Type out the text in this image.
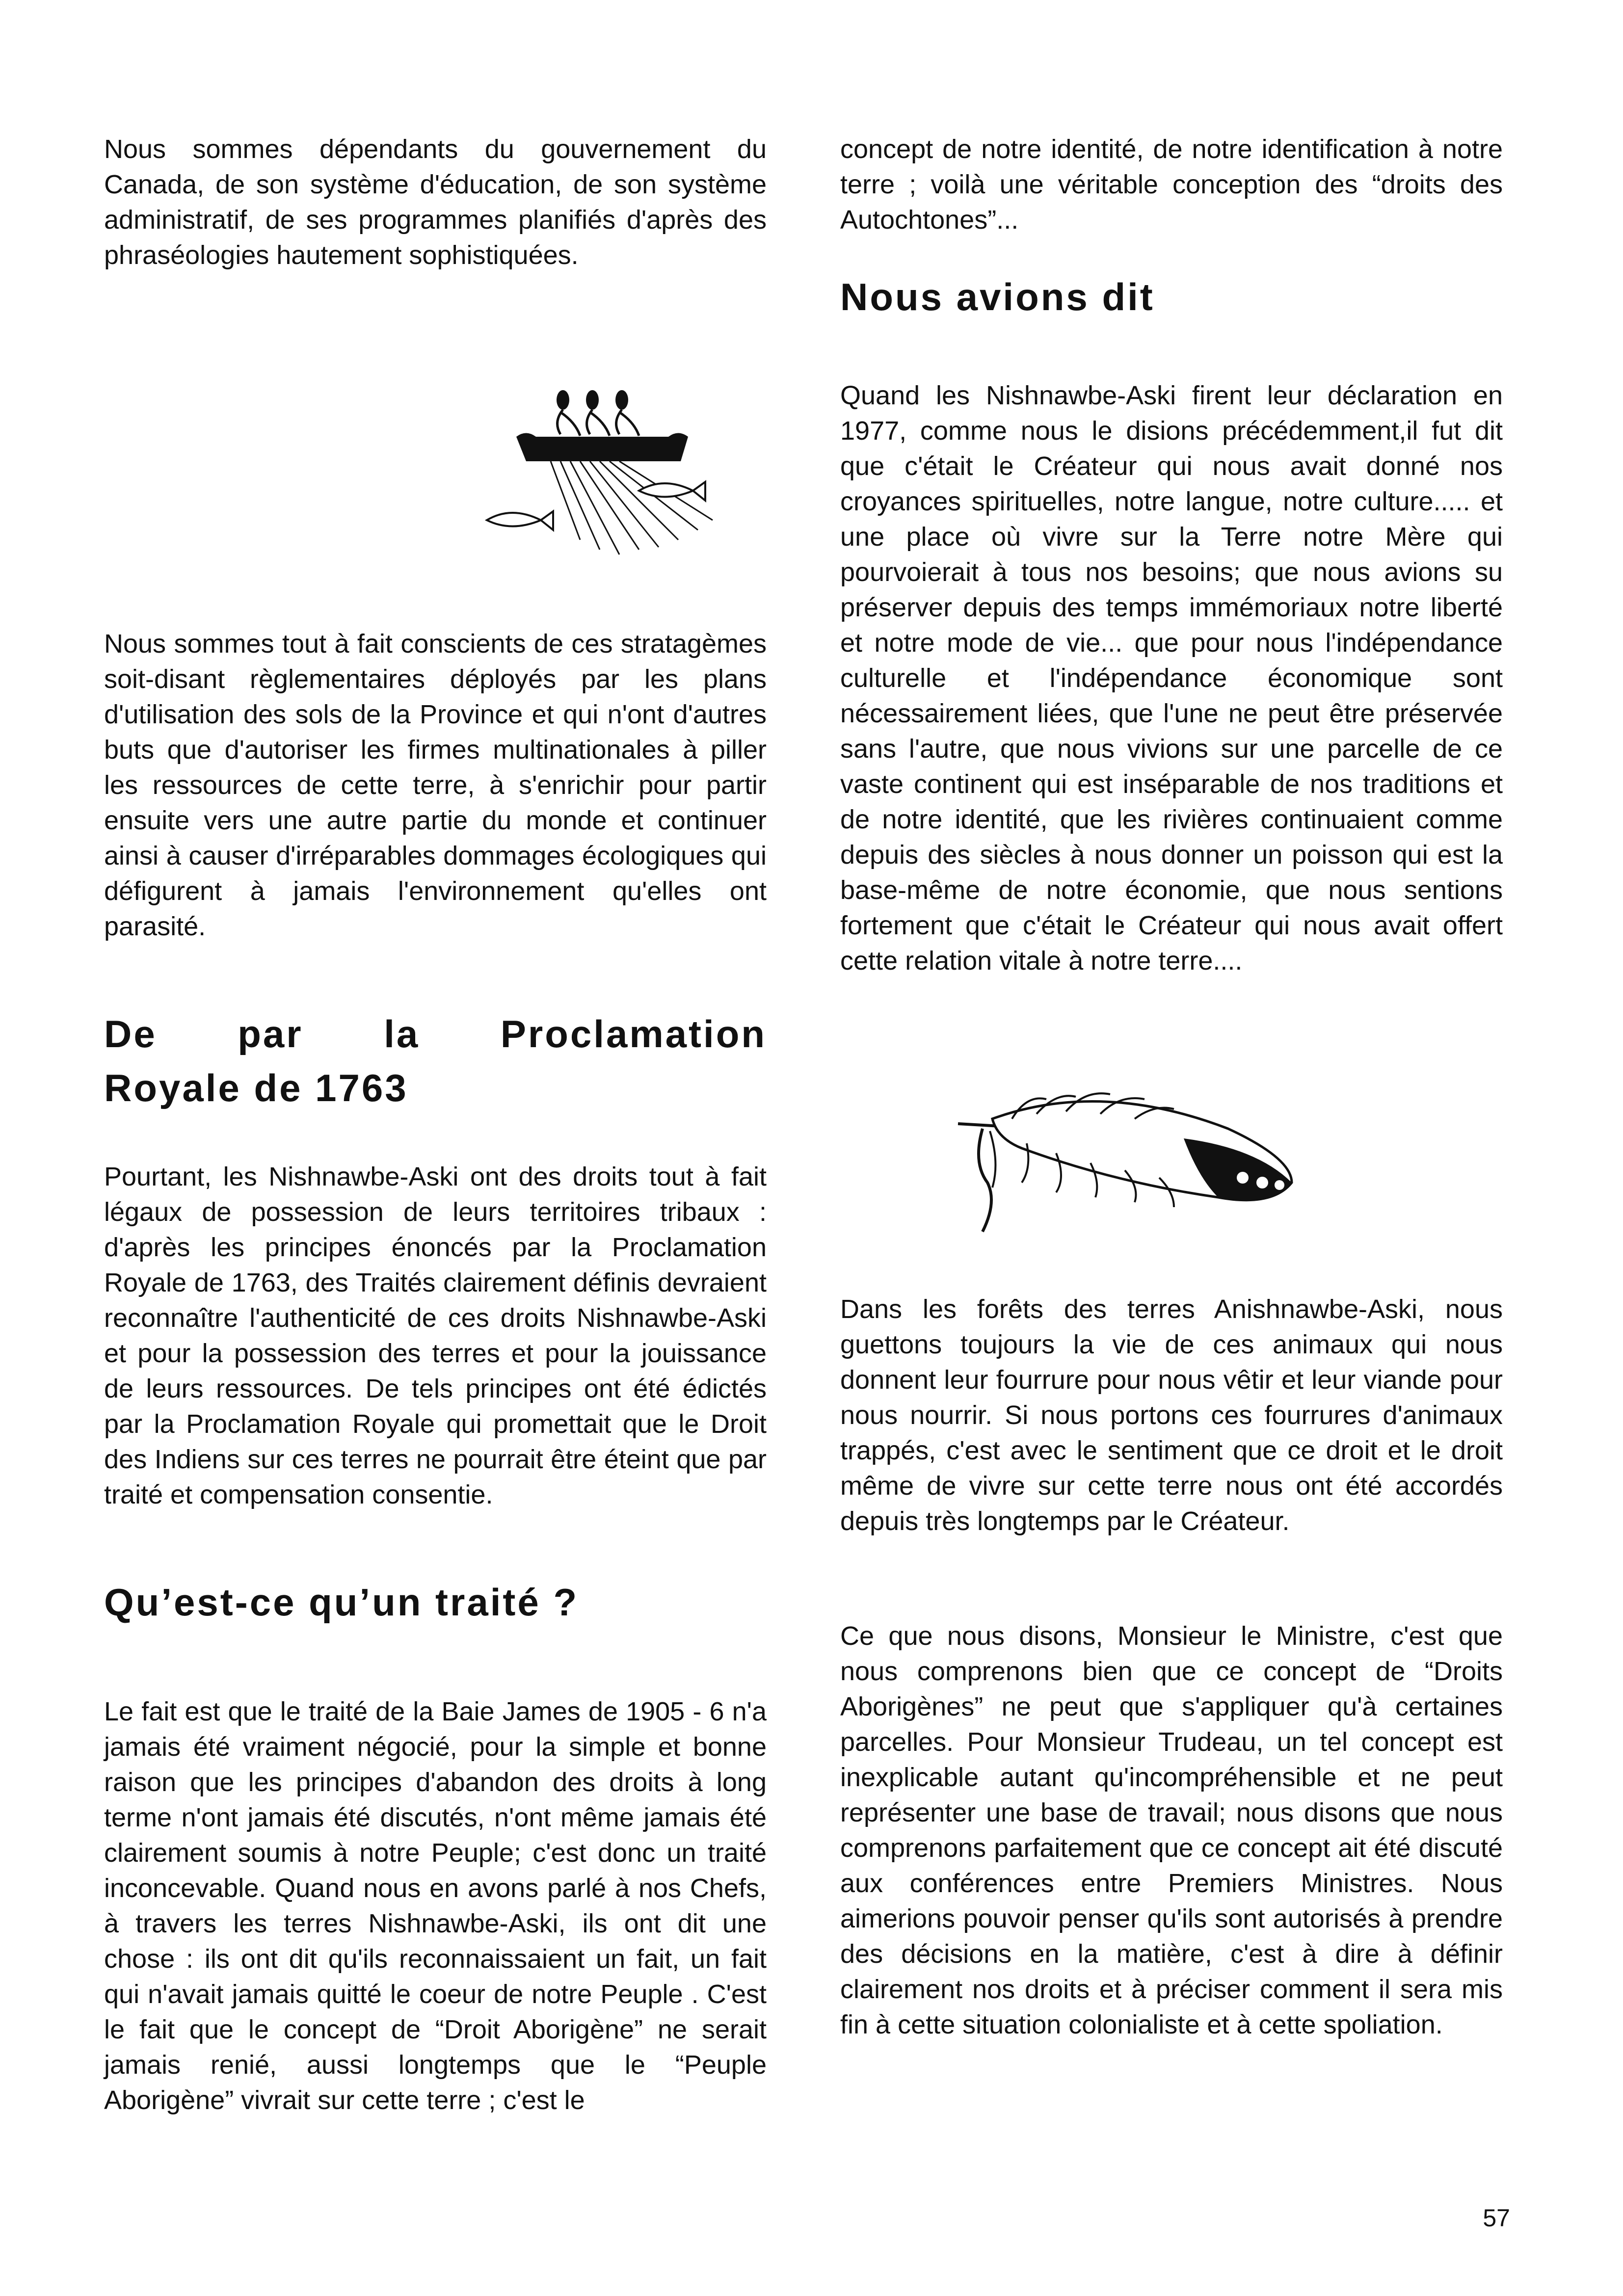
Nous sommes dépendants du gouvernement du Canada, de son système d'éducation, de son système administratif, de ses programmes planifiés d'après des phraséologies hautement sophistiquées.

Nous sommes tout à fait conscients de ces stratagèmes soit-disant règlementaires déployés par les plans d'utilisation des sols de la Province et qui n'ont d'autres buts que d'autoriser les firmes multinationales à piller les ressources de cette terre, à s'enrichir pour partir ensuite vers une autre partie du monde et continuer ainsi à causer d'irréparables dommages écologiques qui défigurent à jamais l'environnement qu'elles ont parasité.

De par la Proclamation
Royale de 1763

Pourtant, les Nishnawbe-Aski ont des droits tout à fait légaux de possession de leurs territoires tribaux : d'après les principes énoncés par la Proclamation Royale de 1763, des Traités clairement définis devraient reconnaître l'authenticité de ces droits Nishnawbe-Aski et pour la possession des terres et pour la jouissance de leurs ressources. De tels principes ont été édictés par la Proclamation Royale qui promettait que le Droit des Indiens sur ces terres ne pourrait être éteint que par traité et compensation consentie.

Qu’est-ce qu’un traité ?

Le fait est que le traité de la Baie James de 1905 - 6 n'a jamais été vraiment négocié, pour la simple et bonne raison que les principes d'abandon des droits à long terme n'ont jamais été discutés, n'ont même jamais été clairement soumis à notre Peuple; c'est donc un traité inconcevable. Quand nous en avons parlé à nos Chefs, à travers les terres Nishnawbe-Aski, ils ont dit une chose : ils ont dit qu'ils reconnaissaient un fait, un fait qui n'avait jamais quitté le coeur de notre Peuple . C'est le fait que le concept de “Droit Aborigène” ne serait jamais renié, aussi longtemps que le “Peuple Aborigène” vivrait sur cette terre ; c'est le

concept de notre identité, de notre identification à notre terre ; voilà une véritable conception des “droits des Autochtones”...

Nous avions dit

Quand les Nishnawbe-Aski firent leur déclaration en 1977, comme nous le disions précédemment,il fut dit que c'était le Créateur qui nous avait donné nos croyances spirituelles, notre langue, notre culture..... et une place où vivre sur la Terre notre Mère qui pourvoierait à tous nos besoins; que nous avions su préserver depuis des temps immémoriaux notre liberté et notre mode de vie... que pour nous l'indépendance culturelle et l'indépendance économique sont nécessairement liées, que l'une ne peut être préservée sans l'autre, que nous vivions sur une parcelle de ce vaste continent qui est inséparable de nos traditions et de notre identité, que les rivières continuaient comme depuis des siècles à nous donner un poisson qui est la base-même de notre économie, que nous sentions fortement que c'était le Créateur qui nous avait offert cette relation vitale à notre terre....

Dans les forêts des terres Anishnawbe-Aski, nous guettons toujours la vie de ces animaux qui nous donnent leur fourrure pour nous vêtir et leur viande pour nous nourrir. Si nous portons ces fourrures d'animaux trappés, c'est avec le sentiment que ce droit et le droit même de vivre sur cette terre nous ont été accordés depuis très longtemps par le Créateur.

Ce que nous disons, Monsieur le Ministre, c'est que nous comprenons bien que ce concept de “Droits Aborigènes” ne peut que s'appliquer qu'à certaines parcelles. Pour Monsieur Trudeau, un tel concept est inexplicable autant qu'incompréhensible et ne peut représenter une base de travail; nous disons que nous comprenons parfaitement que ce concept ait été discuté aux conférences entre Premiers Ministres. Nous aimerions pouvoir penser qu'ils sont autorisés à prendre des décisions en la matière, c'est à dire à définir clairement nos droits et à préciser comment il sera mis fin à cette situation colonialiste et à cette spoliation.

57
